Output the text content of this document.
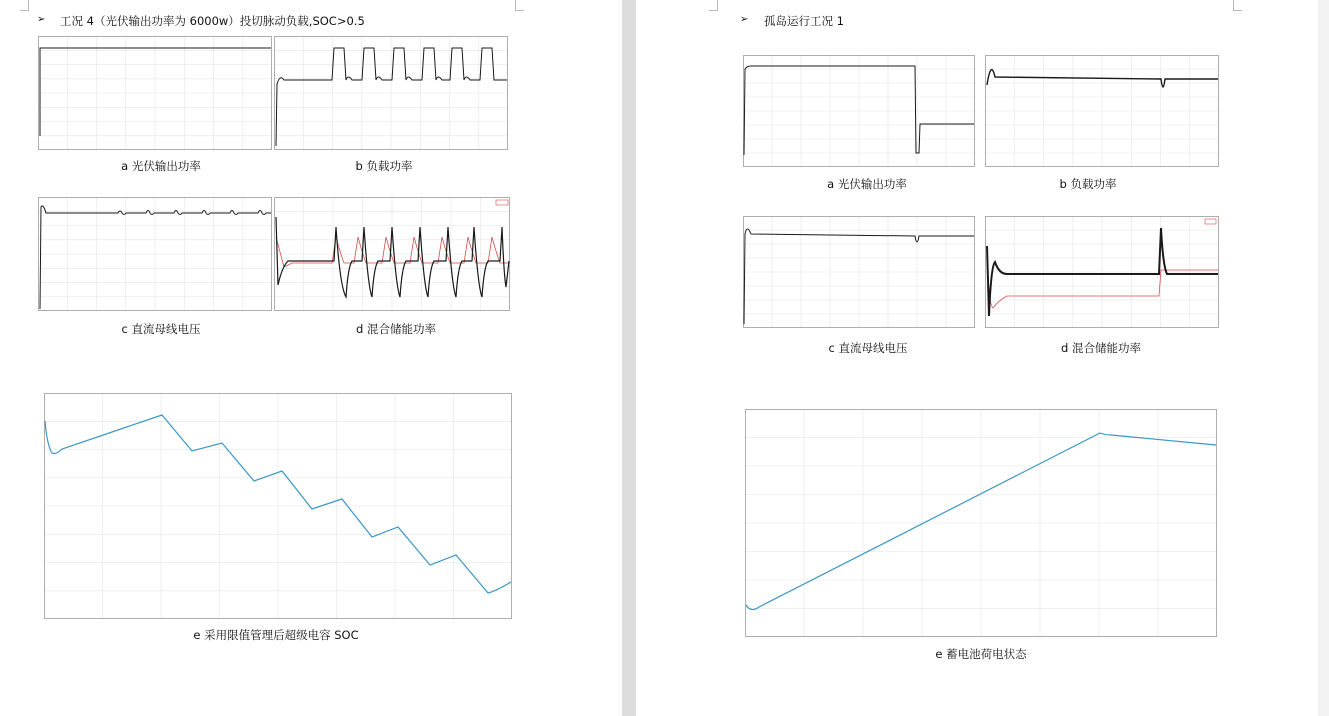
➢ 工况 4（光伏输出功率为 6000w）投切脉动负载,SOC>0.5
a 光伏输出功率	b 负载功率
c 直流母线电压	d 混合储能功率
e 采用限值管理后超级电容 SOC
➢ 孤岛运行工况 1
a 光伏输出功率	b 负载功率
c 直流母线电压	d 混合储能功率
e 蓄电池荷电状态
